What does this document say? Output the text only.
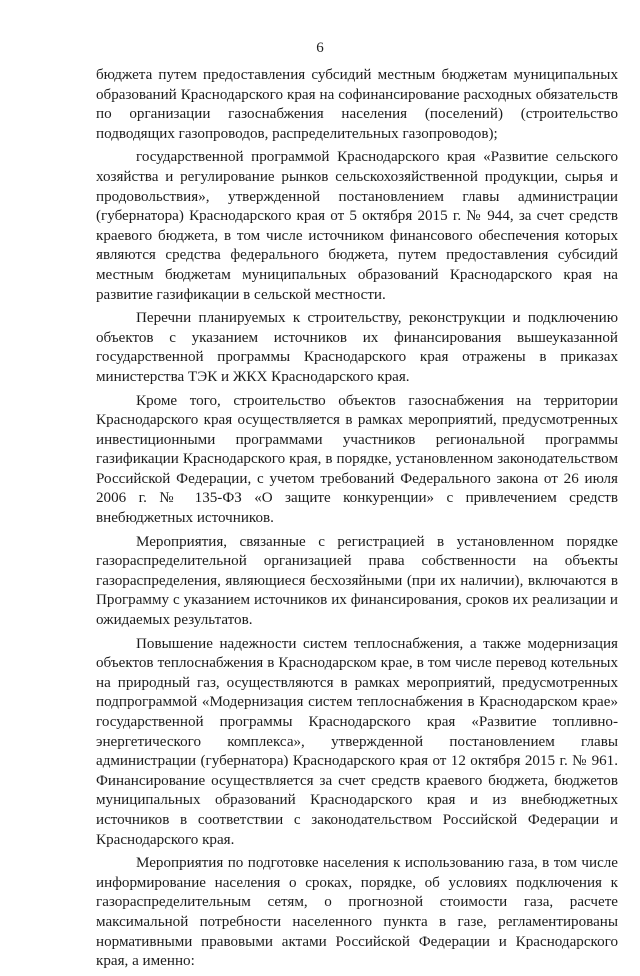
6

бюджета путем предоставления субсидий местным бюджетам муниципальных образований Краснодарского края на софинансирование расходных обязательств по организации газоснабжения населения (поселений) (строительство подводящих газопроводов, распределительных газопроводов);

государственной программой Краснодарского края «Развитие сельского хозяйства и регулирование рынков сельскохозяйственной продукции, сырья и продовольствия», утвержденной постановлением главы администрации (губернатора) Краснодарского края от 5 октября 2015 г. № 944, за счет средств краевого бюджета, в том числе источником финансового обеспечения которых являются средства федерального бюджета, путем предоставления субсидий местным бюджетам муниципальных образований Краснодарского края на развитие газификации в сельской местности.

Перечни планируемых к строительству, реконструкции и подключению объектов с указанием источников их финансирования вышеуказанной государственной программы Краснодарского края отражены в приказах министерства ТЭК и ЖКХ Краснодарского края.

Кроме того, строительство объектов газоснабжения на территории Краснодарского края осуществляется в рамках мероприятий, предусмотренных инвестиционными программами участников региональной программы газификации Краснодарского края, в порядке, установленном законодательством Российской Федерации, с учетом требований Федерального закона от 26 июля 2006 г. № 135-ФЗ «О защите конкуренции» с привлечением средств внебюджетных источников.

Мероприятия, связанные с регистрацией в установленном порядке газораспределительной организацией права собственности на объекты газораспределения, являющиеся бесхозяйными (при их наличии), включаются в Программу с указанием источников их финансирования, сроков их реализации и ожидаемых результатов.

Повышение надежности систем теплоснабжения, а также модернизация объектов теплоснабжения в Краснодарском крае, в том числе перевод котельных на природный газ, осуществляются в рамках мероприятий, предусмотренных подпрограммой «Модернизация систем теплоснабжения в Краснодарском крае» государственной программы Краснодарского края «Развитие топливно-энергетического комплекса», утвержденной постановлением главы администрации (губернатора) Краснодарского края от 12 октября 2015 г. № 961. Финансирование осуществляется за счет средств краевого бюджета, бюджетов муниципальных образований Краснодарского края и из внебюджетных источников в соответствии с законодательством Российской Федерации и Краснодарского края.

Мероприятия по подготовке населения к использованию газа, в том числе информирование населения о сроках, порядке, об условиях подключения к газораспределительным сетям, о прогнозной стоимости газа, расчете максимальной потребности населенного пункта в газе, регламентированы нормативными правовыми актами Российской Федерации и Краснодарского края, а именно:
